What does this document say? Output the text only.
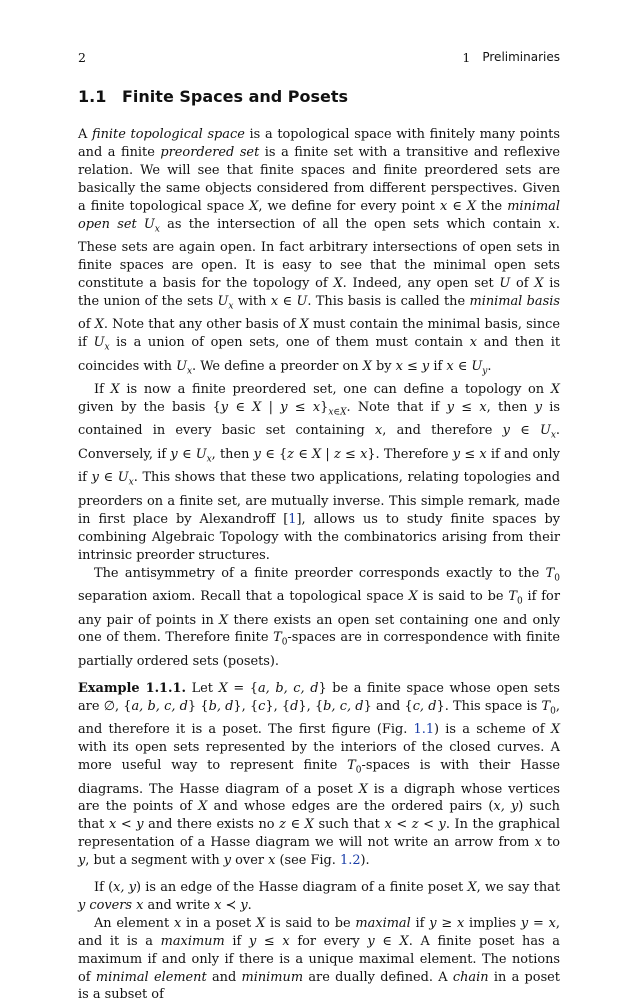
2	1 Preliminaries
1.1 Finite Spaces and Posets

A finite topological space is a topological space with finitely many points and a finite preordered set is a finite set with a transitive and reflexive relation. We will see that finite spaces and finite preordered sets are basically the same objects considered from different perspectives. Given a finite topological space X, we define for every point x ∈ X the minimal open set $U_x$ as the intersection of all the open sets which contain x. These sets are again open. In fact arbitrary intersections of open sets in finite spaces are open. It is easy to see that the minimal open sets constitute a basis for the topology of X. Indeed, any open set U of X is the union of the sets $U_x$ with x ∈ U. This basis is called the minimal basis of X. Note that any other basis of X must contain the minimal basis, since if $U_x$ is a union of open sets, one of them must contain x and then it coincides with $U_x$. We define a preorder on X by x ≤ y if x ∈ $U_y$.

If X is now a finite preordered set, one can define a topology on X given by the basis {y ∈ X | $y \le x\}_{x\in X}$. Note that if y ≤ x, then y is contained in every basic set containing x, and therefore y ∈ $U_x$. Conversely, if y ∈ $U_x$, then y ∈ {z ∈ X | z ≤ x}. Therefore y ≤ x if and only if y ∈ $U_x$. This shows that these two applications, relating topologies and preorders on a finite set, are mutually inverse. This simple remark, made in first place by Alexandroff [1], allows us to study finite spaces by combining Algebraic Topology with the combinatorics arising from their intrinsic preorder structures.

The antisymmetry of a finite preorder corresponds exactly to the $T_0$ separation axiom. Recall that a topological space X is said to be $T_0$ if for any pair of points in X there exists an open set containing one and only one of them. Therefore finite $T_0$-spaces are in correspondence with finite partially ordered sets (posets).

Example 1.1.1. Let X = {a, b, c, d} be a finite space whose open sets are ∅, {a, b, c, d} {b, d}, {c}, {d}, {b, c, d} and {c, d}. This space is $T_0$, and therefore it is a poset. The first figure (Fig. 1.1) is a scheme of X with its open sets represented by the interiors of the closed curves. A more useful way to represent finite $T_0$-spaces is with their Hasse diagrams. The Hasse diagram of a poset X is a digraph whose vertices are the points of X and whose edges are the ordered pairs (x, y) such that x < y and there exists no z ∈ X such that x < z < y. In the graphical representation of a Hasse diagram we will not write an arrow from x to y, but a segment with y over x (see Fig. 1.2).

If (x, y) is an edge of the Hasse diagram of a finite poset X, we say that y covers x and write x ≺ y.

An element x in a poset X is said to be maximal if y ≥ x implies y = x, and it is a maximum if y ≤ x for every y ∈ X. A finite poset has a maximum if and only if there is a unique maximal element. The notions of minimal element and minimum are dually defined. A chain in a poset is a subset of
